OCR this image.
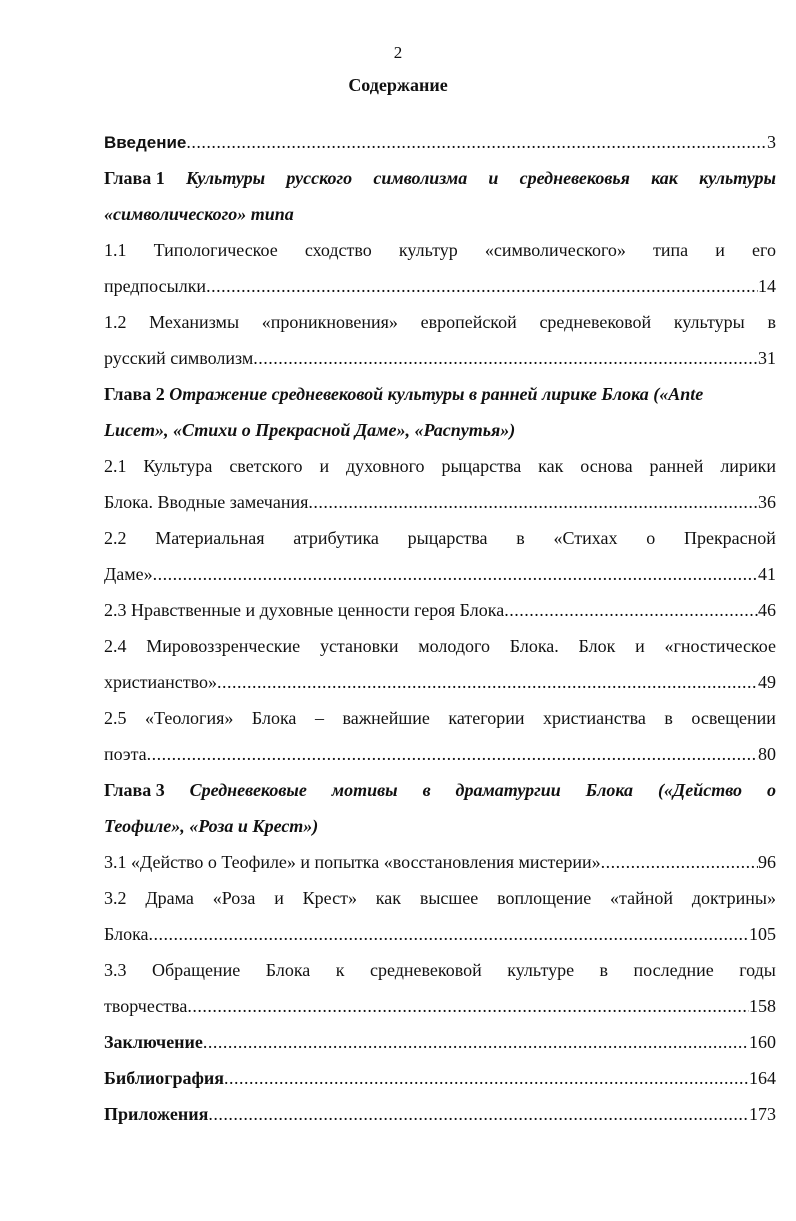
2
Содержание
Введение .....	3
Глава 1 Культуры русского символизма и средневековья как культуры
«символического» типа
1.1 Типологическое сходство культур «символического» типа и его
предпосылки .....	14
1.2 Механизмы «проникновения» европейской средневековой культуры в
русский символизм .....	31
Глава 2 Отражение средневековой культуры в ранней лирике Блока («Ante
Lucem», «Стихи о Прекрасной Даме», «Распутья»)
2.1 Культура светского и духовного рыцарства как основа ранней лирики
Блока. Вводные замечания .....	36
2.2 Материальная атрибутика рыцарства в «Стихах о Прекрасной
Даме» .....	41
2.3 Нравственные и духовные ценности героя Блока .....	46
2.4 Мировоззренческие установки молодого Блока. Блок и «гностическое
христианство» .....	49
2.5 «Теология» Блока – важнейшие категории христианства в освещении
поэта .....	80
Глава 3 Средневековые мотивы в драматургии Блока («Действо о
Теофиле», «Роза и Крест»)
3.1 «Действо о Теофиле» и попытка «восстановления мистерии» .....	96
3.2 Драма «Роза и Крест» как высшее воплощение «тайной доктрины»
Блока .....	105
3.3 Обращение Блока к средневековой культуре в последние годы
творчества .....	158
Заключение .....	160
Библиография .....	164
Приложения .....	173
